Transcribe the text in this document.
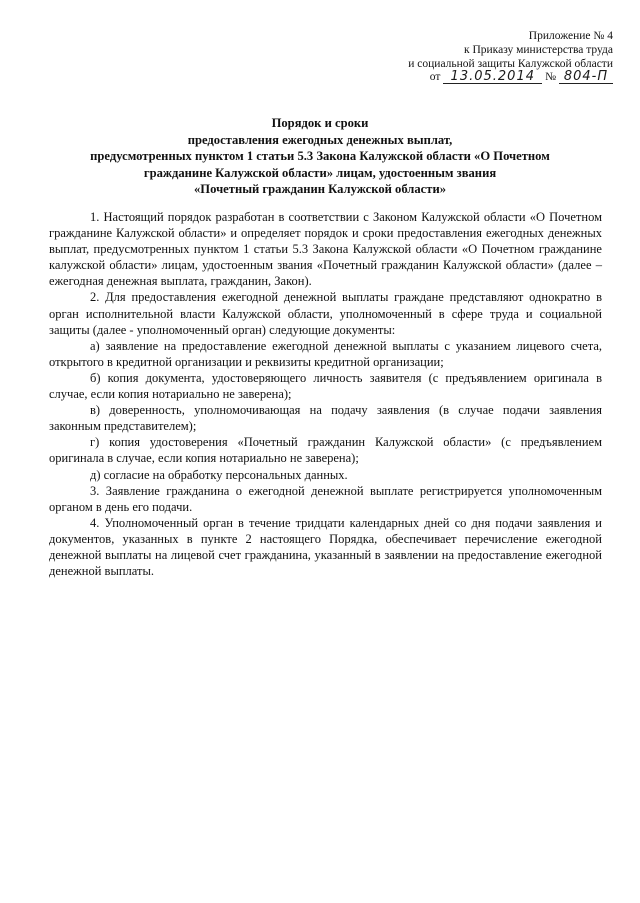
Приложение № 4
к Приказу министерства труда
и социальной защиты Калужской области
от 13.05.2014 № 804-П
Порядок и сроки
предоставления ежегодных денежных выплат,
предусмотренных пунктом 1 статьи 5.3 Закона Калужской области «О Почетном
гражданине Калужской области» лицам, удостоенным звания
«Почетный гражданин Калужской области»

1. Настоящий порядок разработан в соответствии с Законом Калужской области «О Почетном гражданине Калужской области» и определяет порядок и сроки предоставления ежегодных денежных выплат, предусмотренных пунктом 1 статьи 5.3 Закона Калужской области «О Почетном гражданине калужской области» лицам, удостоенным звания «Почетный гражданин Калужской области» (далее – ежегодная денежная выплата, гражданин, Закон).

2. Для предоставления ежегодной денежной выплаты граждане представляют однократно в орган исполнительной власти Калужской области, уполномоченный в сфере труда и социальной защиты (далее - уполномоченный орган) следующие документы:

а) заявление на предоставление ежегодной денежной выплаты с указанием лицевого счета, открытого в кредитной организации и реквизиты кредитной организации;

б) копия документа, удостоверяющего личность заявителя (с предъявлением оригинала в случае, если копия нотариально не заверена);

в) доверенность, уполномочивающая на подачу заявления (в случае подачи заявления законным представителем);

г) копия удостоверения «Почетный гражданин Калужской области» (с предъявлением оригинала в случае, если копия нотариально не заверена);

д) согласие на обработку персональных данных.

3. Заявление гражданина о ежегодной денежной выплате регистрируется уполномоченным органом в день его подачи.

4. Уполномоченный орган в течение тридцати календарных дней со дня подачи заявления и документов, указанных в пункте 2 настоящего Порядка, обеспечивает перечисление ежегодной денежной выплаты на лицевой счет гражданина, указанный в заявлении на предоставление ежегодной денежной выплаты.
